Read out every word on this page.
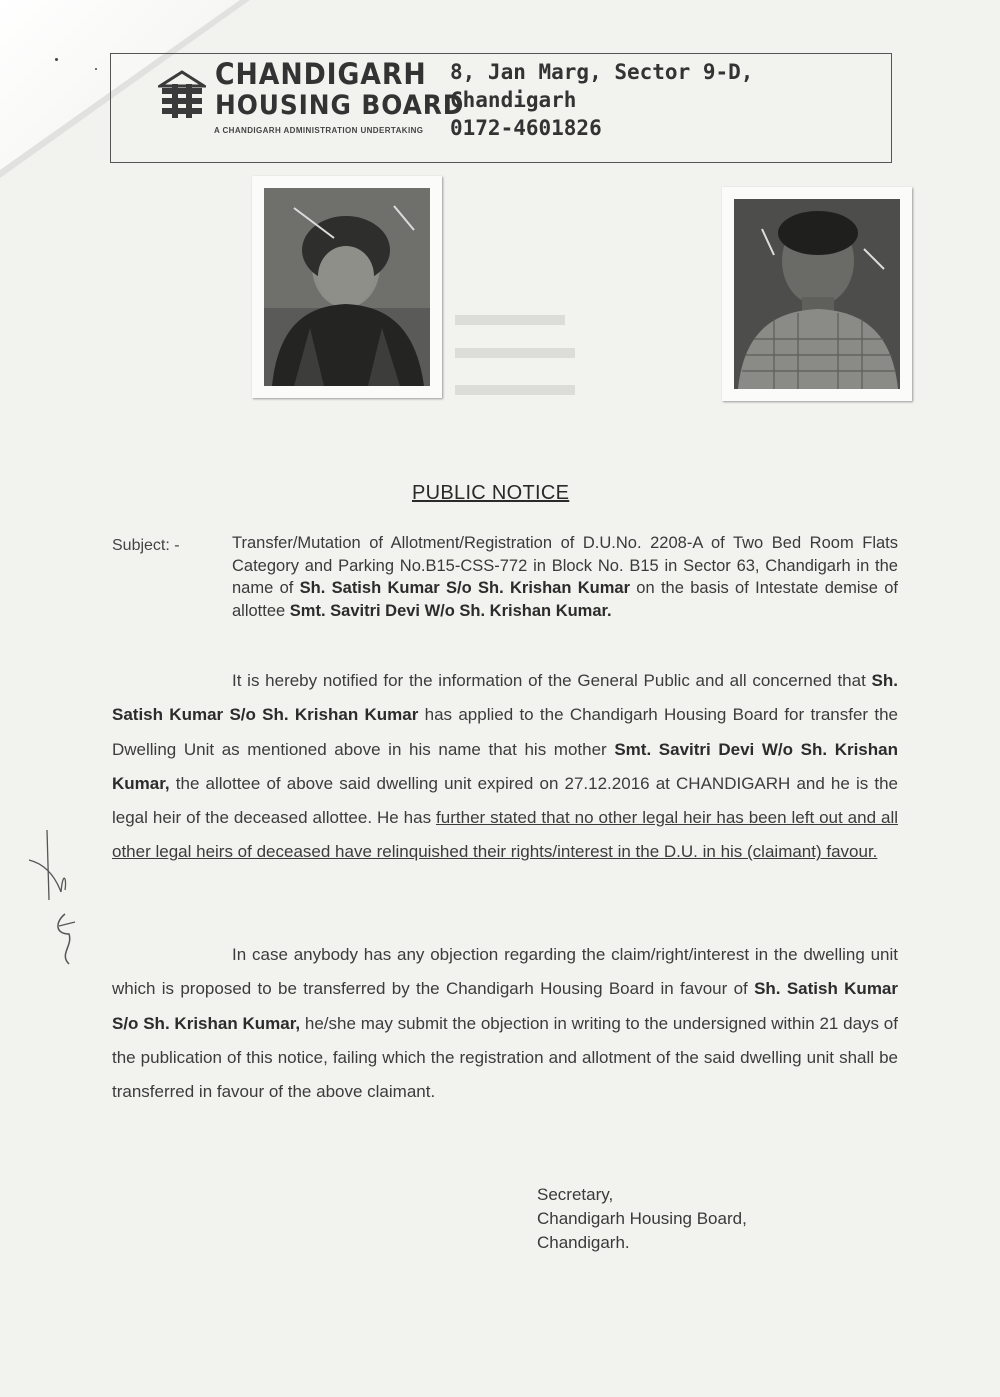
CHANDIGARH
HOUSING BOARD
A CHANDIGARH ADMINISTRATION UNDERTAKING
8, Jan Marg, Sector 9-D,
Chandigarh
0172-4601826
PUBLIC NOTICE
Subject: -	Transfer/Mutation of Allotment/Registration of D.U.No. 2208-A of Two Bed Room Flats Category and Parking No.B15-CSS-772 in Block No. B15 in Sector 63, Chandigarh in the name of Sh. Satish Kumar S/o Sh. Krishan Kumar on the basis of Intestate demise of allottee Smt. Savitri Devi W/o Sh. Krishan Kumar.
It is hereby notified for the information of the General Public and all concerned that Sh. Satish Kumar S/o Sh. Krishan Kumar has applied to the Chandigarh Housing Board for transfer the Dwelling Unit as mentioned above in his name that his mother Smt. Savitri Devi W/o Sh. Krishan Kumar, the allottee of above said dwelling unit expired on 27.12.2016 at CHANDIGARH and he is the legal heir of the deceased allottee. He has further stated that no other legal heir has been left out and all other legal heirs of deceased have relinquished their rights/interest in the D.U. in his (claimant) favour.
In case anybody has any objection regarding the claim/right/interest in the dwelling unit which is proposed to be transferred by the Chandigarh Housing Board in favour of Sh. Satish Kumar S/o Sh. Krishan Kumar, he/she may submit the objection in writing to the undersigned within 21 days of the publication of this notice, failing which the registration and allotment of the said dwelling unit shall be transferred in favour of the above claimant.
Secretary,
Chandigarh Housing Board,
Chandigarh.
